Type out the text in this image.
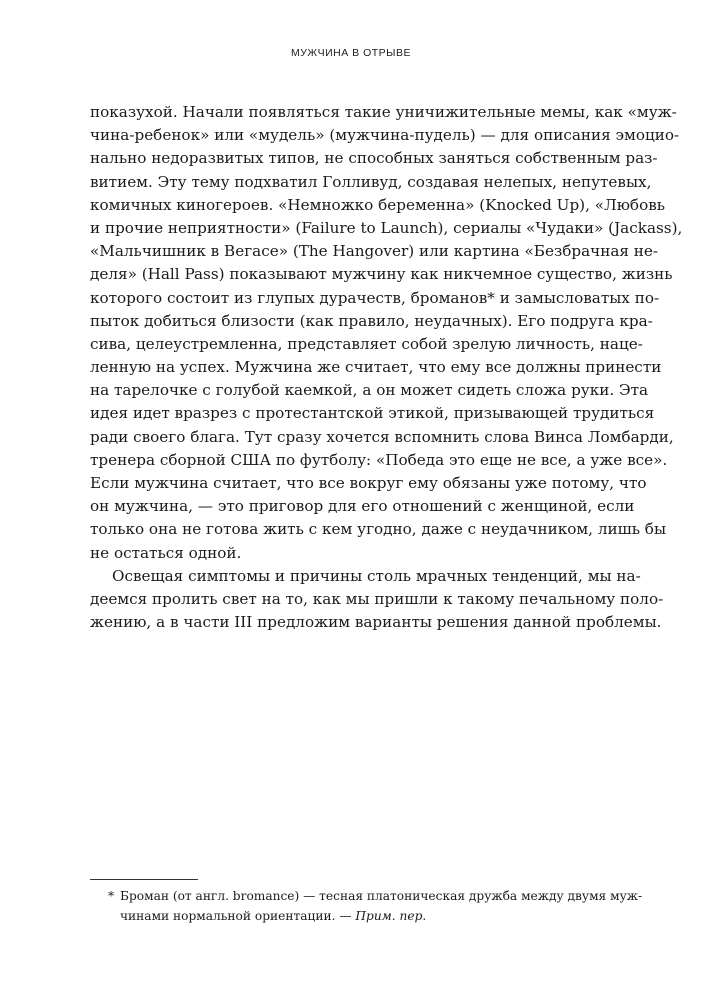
МУЖЧИНА В ОТРЫВЕ
показухой. Начали появляться такие уничижительные мемы, как «муж-
чина-ребенок» или «мудель» (мужчина-пудель) — для описания эмоцио-
нально недоразвитых типов, не способных заняться собственным раз-
витием. Эту тему подхватил Голливуд, создавая нелепых, непутевых,
комичных киногероев. «Немножко беременна» (Knocked Up), «Любовь
и прочие неприятности» (Failure to Launch), сериалы «Чудаки» (Jackass),
«Мальчишник в Вегасе» (The Hangover) или картина «Безбрачная не-
деля» (Hall Pass) показывают мужчину как никчемное существо, жизнь
которого состоит из глупых дурачеств, броманов* и замысловатых по-
пыток добиться близости (как правило, неудачных). Его подруга кра-
сива, целеустремленна, представляет собой зрелую личность, наце-
ленную на успех. Мужчина же считает, что ему все должны принести
на тарелочке с голубой каемкой, а он может сидеть сложа руки. Эта
идея идет вразрез с протестантской этикой, призывающей трудиться
ради своего блага. Тут сразу хочется вспомнить слова Винса Ломбарди,
тренера сборной США по футболу: «Победа это еще не все, а уже все».
Если мужчина считает, что все вокруг ему обязаны уже потому, что
он мужчина, — это приговор для его отношений с женщиной, если
только она не готова жить с кем угодно, даже с неудачником, лишь бы
не остаться одной.
Освещая симптомы и причины столь мрачных тенденций, мы на-
деемся пролить свет на то, как мы пришли к такому печальному поло-
жению, а в части III предложим варианты решения данной проблемы.
* Броман (от англ. bromance) — тесная платоническая дружба между двумя муж-
чинами нормальной ориентации. — Прим. пер.
